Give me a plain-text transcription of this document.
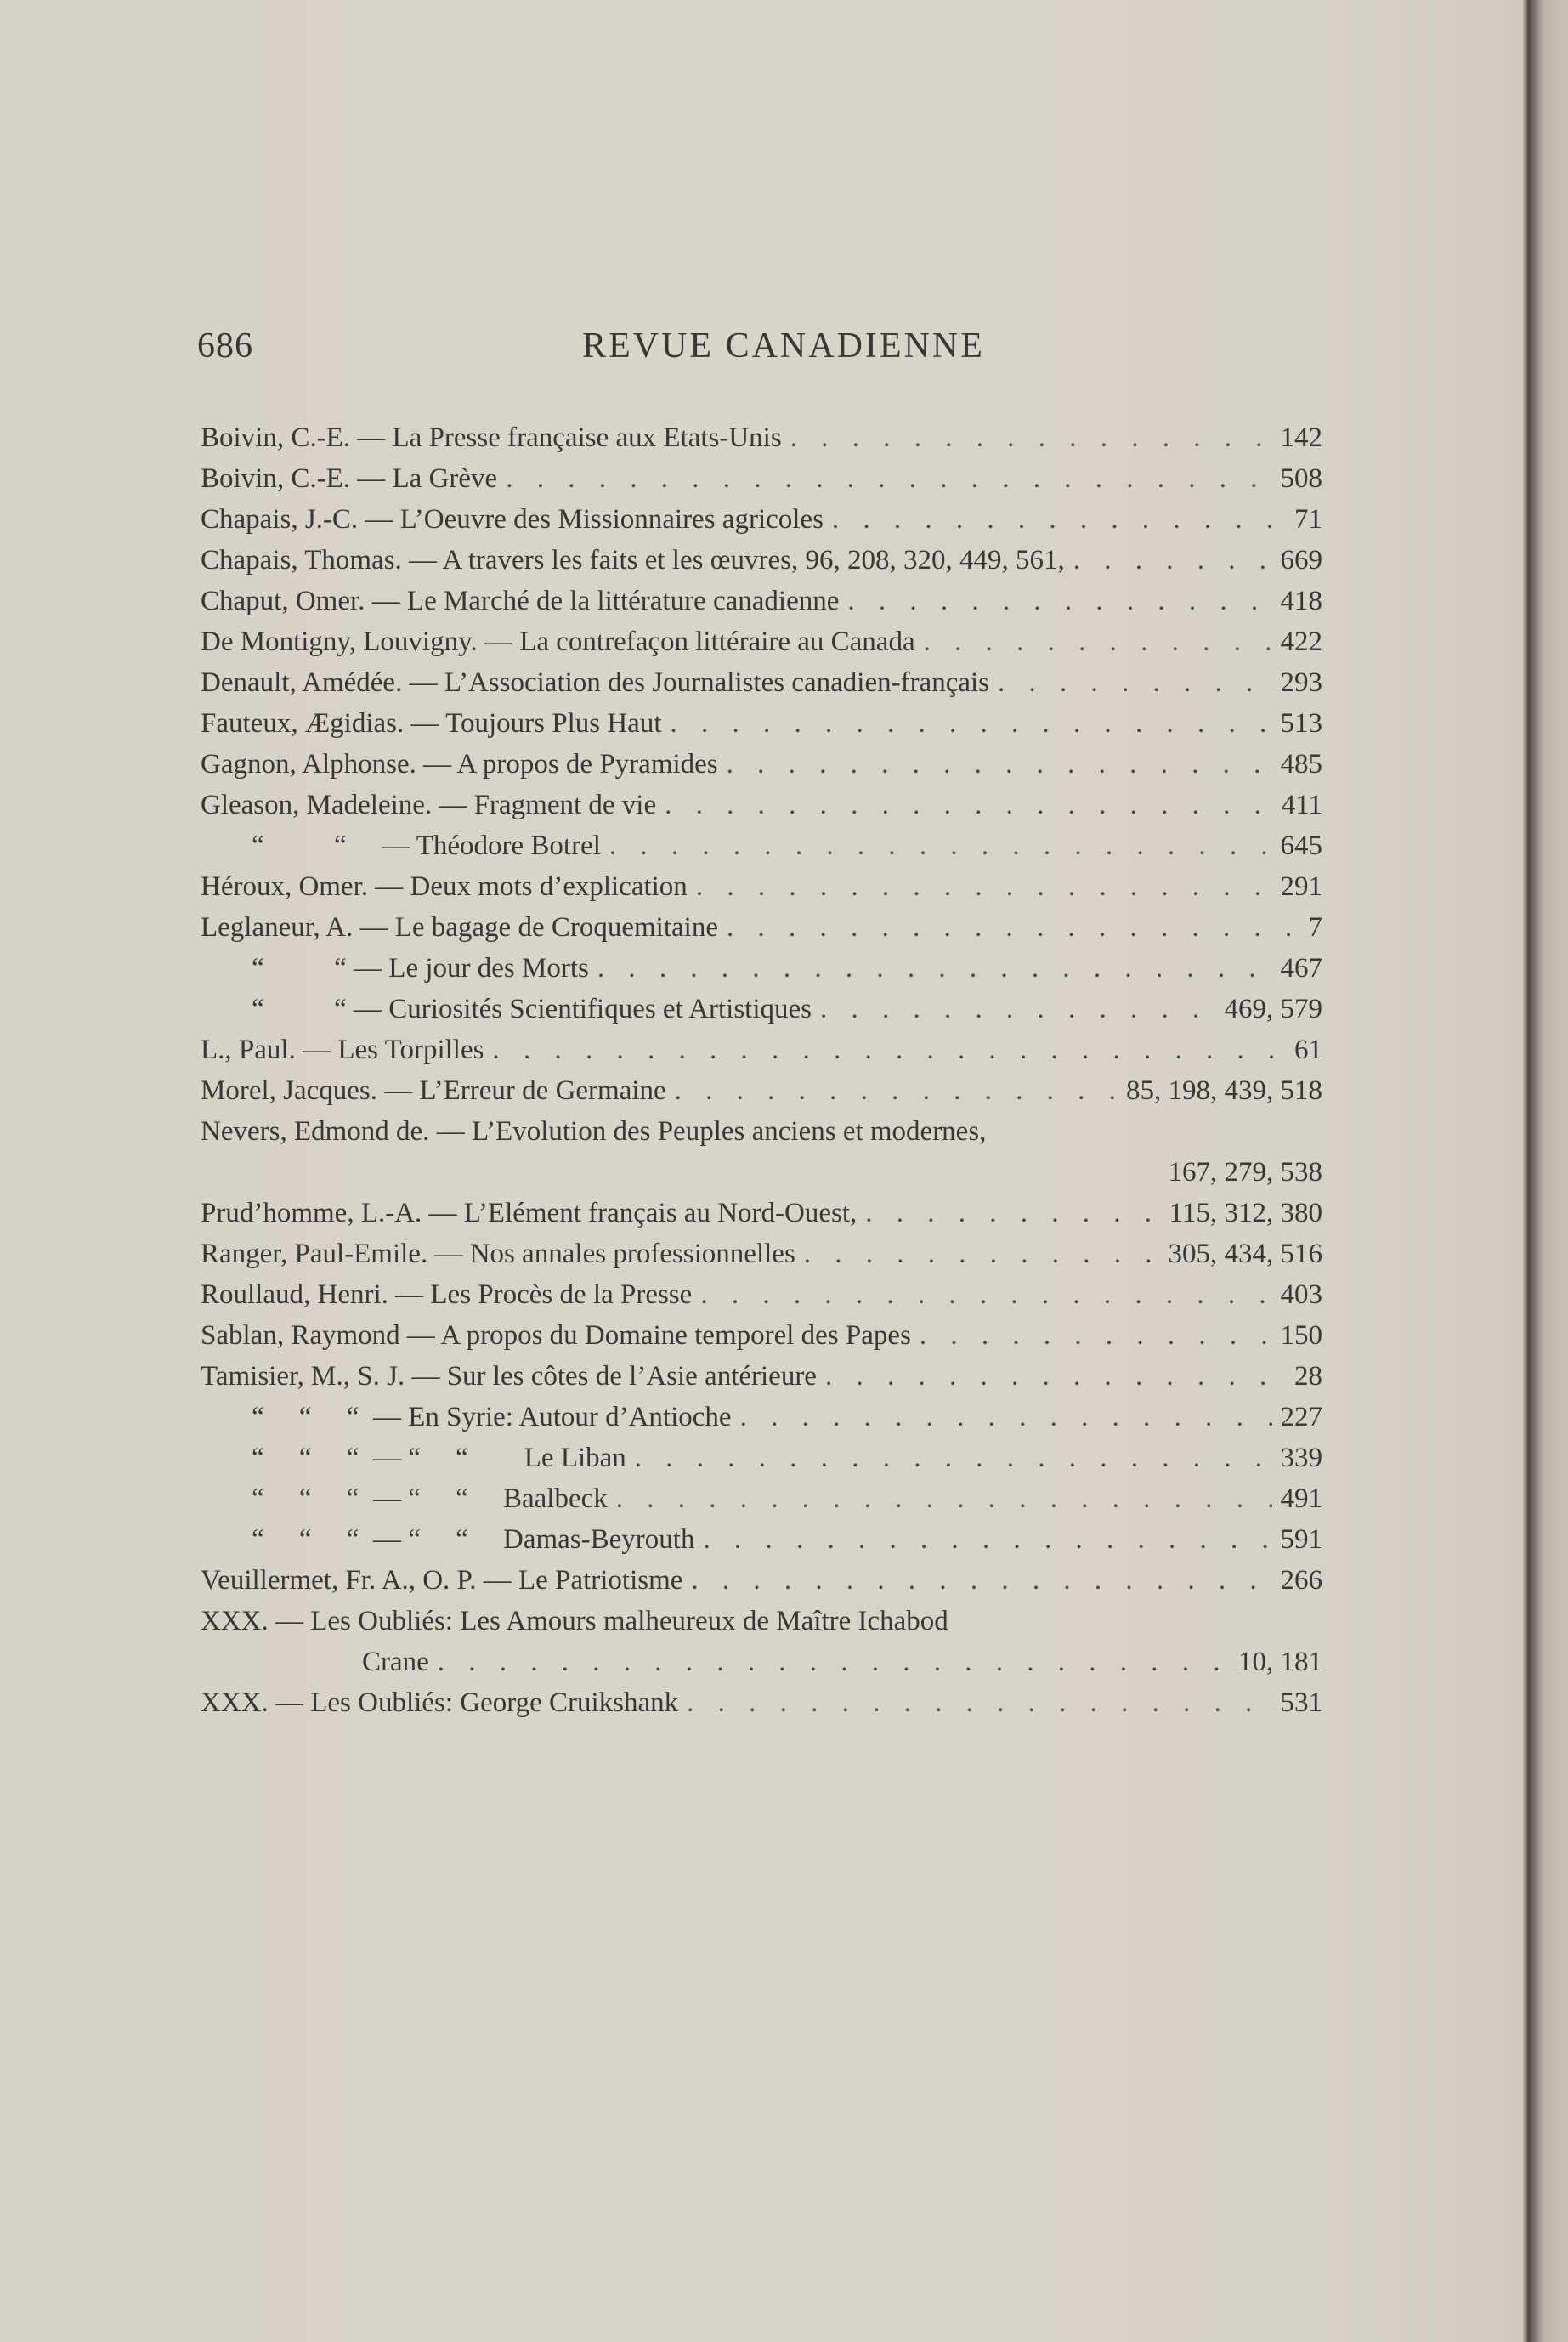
686	REVUE CANADIENNE
Boivin, C.-E. — La Presse française aux Etats-Unis . . .	142
Boivin, C.-E. — La Grève . . .	508
Chapais, J.-C. — L’Oeuvre des Missionnaires agricoles . . .	71
Chapais, Thomas. — A travers les faits et les œuvres, 96, 208, 320, 449, 561, . . .	669
Chaput, Omer. — Le Marché de la littérature canadienne . . .	418
De Montigny, Louvigny. — La contrefaçon littéraire au Canada . . .	422
Denault, Amédée. — L’Association des Journalistes canadien-français . . .	293
Fauteux, Ægidias. — Toujours Plus Haut . . .	513
Gagnon, Alphonse. — A propos de Pyramides . . .	485
Gleason, Madeleine. — Fragment de vie . . .	411
“          “ — Théodore Botrel . . .	645
Héroux, Omer. — Deux mots d’explication . . .	291
Leglaneur, A. — Le bagage de Croquemitaine . . .	7
“          “ — Le jour des Morts . . .	467
“          “ — Curiosités Scientifiques et Artistiques . . .	469, 579
L., Paul. — Les Torpilles . . .	61
Morel, Jacques. — L’Erreur de Germaine . . .	85, 198, 439, 518
Nevers, Edmond de. — L’Evolution des Peuples anciens et modernes,
167, 279, 538
Prud’homme, L.-A. — L’Elément français au Nord-Ouest, . . .	115, 312, 380
Ranger, Paul-Emile. — Nos annales professionnelles . . .	305, 434, 516
Roullaud, Henri. — Les Procès de la Presse . . .	403
Sablan, Raymond — A propos du Domaine temporel des Papes . . .	150
Tamisier, M., S. J. — Sur les côtes de l’Asie antérieure . . .	28
“     “     “ — En Syrie: Autour d’Antioche . . .	227
“     “     “  — “     “ Le Liban . . .	339
“     “     “  — “     “ Baalbeck . . .	491
“     “     “  — “     “ Damas-Beyrouth . . .	591
Veuillermet, Fr. A., O. P. — Le Patriotisme . . .	266
XXX. — Les Oubliés: Les Amours malheureux de Maître Ichabod
Crane . . .	10, 181
XXX. — Les Oubliés: George Cruikshank . . .	531
